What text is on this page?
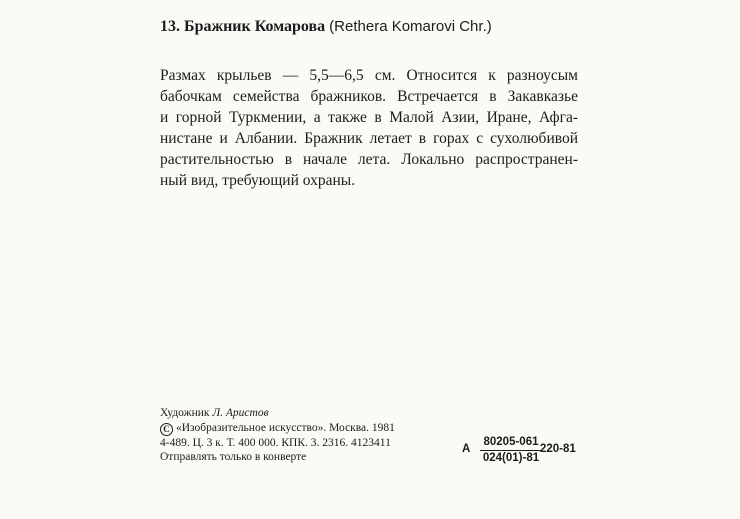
13. Бражник Комарова (Rethera Komarovi Chr.)
Размах крыльев — 5,5—6,5 см. Относится к разноусым
бабочкам семейства бражников. Встречается в Закавказье
и горной Туркмении, а также в Малой Азии, Иране, Афга-
нистане и Албании. Бражник летает в горах с сухолюбивой
растительностью в начале лета. Локально распространен-
ный вид, требующий охраны.
Художник Л. Аристов
С «Изобразительное искусство». Москва. 1981
4-489. Ц. 3 к. Т. 400 000. КПК. 3. 2316. 4123411
Отправлять только в конверте
А
80205-061
024(01)-81
220-81
